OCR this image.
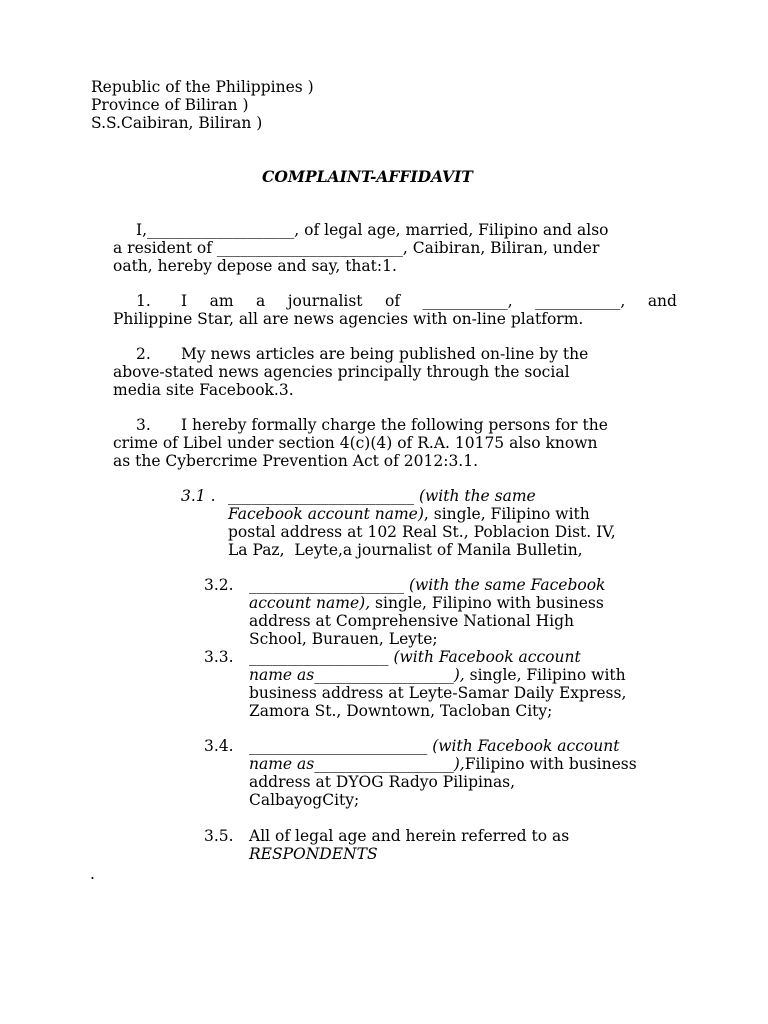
Republic of the Philippines )
Province of Biliran )
S.S.Caibiran, Biliran )
COMPLAINT-AFFIDAVIT
I,___________________, of legal age, married, Filipino and also
a resident of ________________________, Caibiran, Biliran, under
oath, hereby depose and say, that:1.
1. I am a journalist of ___________, ___________, and
Philippine Star, all are news agencies with on-line platform.
2. My news articles are being published on-line by the
above-stated news agencies principally through the social
media site Facebook.3.
3. I hereby formally charge the following persons for the
crime of Libel under section 4(c)(4) of R.A. 10175 also known
as the Cybercrime Prevention Act of 2012:3.1.
3.1 . ________________________ (with the same
Facebook account name), single, Filipino with
postal address at 102 Real St., Poblacion Dist. IV,
La Paz,  Leyte,a journalist of Manila Bulletin,
3.2. ____________________ (with the same Facebook
account name), single, Filipino with business
address at Comprehensive National High
School, Burauen, Leyte;
3.3. __________________ (with Facebook account
name as__________________), single, Filipino with
business address at Leyte-Samar Daily Express,
Zamora St., Downtown, Tacloban City;
3.4. _______________________ (with Facebook account
name as__________________),Filipino with business
address at DYOG Radyo Pilipinas,
CalbayogCity;
3.5. All of legal age and herein referred to as
RESPONDENTS
.
